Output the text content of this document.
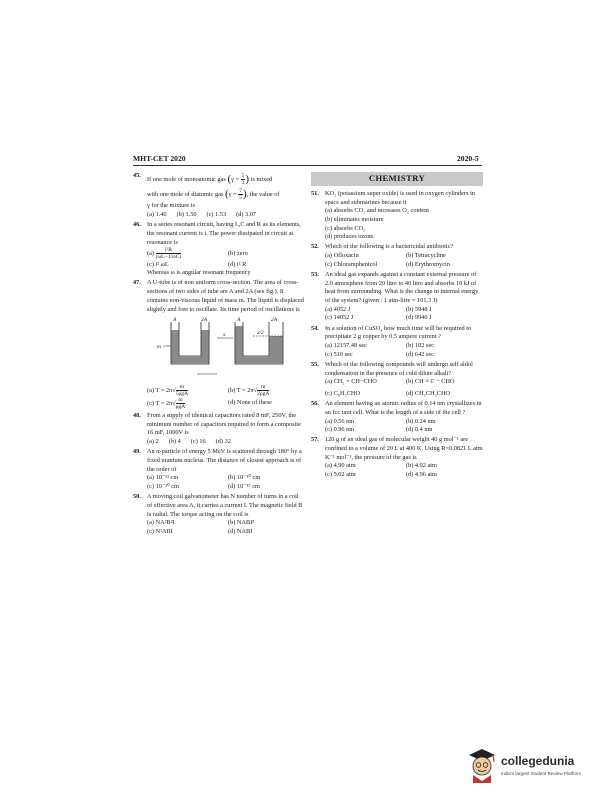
MHT-CET 2020	2020-5
45.
If one mole of monoatomic gas ($\gamma = \frac{5}{3}$ ) is mixed
with one mole of diatomic gas ($\gamma = \frac{7}{5}$ ), the value of
γ for the mixture is
(a) 1.40 (b) 1.50 (c) 1.53 (d) 3.07
46. In a series resonant circuit, having L,C and R as its elements, the resonant current is i. The power dissipated in circuit at resonance is
$(a) \frac{\text{i²R}}{(\omega L-1/\omega C)}$	(b) zero
(c) i² ωL	(d) i² R
Whereas ω is angular resonant frequency
47. A U-tube is of non uniform cross-section. The area of cross-sections of two sides of tube are A and 2A (see fig.). It contains non-viscous liquid of mass m. The liquid is displaced slightly and free to oscillate. Its time period of oscillations is
A	2A	A	2A
m
x	x/2
(a) $T = 2\pi√ \frac{m}{\text{5ρgA}}$	(b) $T = 2\pi√ \frac{m}{\text{2ρgA}}$
(c) $T = 2\pi√ \frac{m}{\text{ρgA}}$	(d) None of these
48. From a supply of identical capacitors rated 8 mF, 250V, the minimum number of capacitors required to form a composite 16 mF, 1000V is
(a) 2 (b) 4 (c) 16 (d) 32
49. An α-particle of energy 5 MeV is scattered through 180° by a fixed uranium nucleus. The distance of closest approach is of the order of
(a) 10⁻¹² cm	(b) 10⁻¹⁰ cm
(c) 10⁻²⁰ cm	(d) 10⁻¹⁵ cm
50. A moving coil galvanometer has N number of turns in a coil of effective area A, it carries a current I. The magnetic field B is radial. The torque acting on the coil is
(a) NA²B²I	(b) NABI²
(c) N²ABI	(d) NABI
CHEMISTRY
51. KO₂ (potassium super oxide) is used in oxygen cylinders in space and submarines because it
(a) absorbs CO₂ and increases O₂ content
(b) eliminates moisture
(c) absorbs CO₂
(d) produces ozone.
52. Which of the following is a bactericidal antibiotic?
(a) Ofloxacin	(b) Tetracycline
(c) Chloramphenicol	(d) Erythromycin
53. An ideal gas expands against a constant external pressure of 2.0 atmosphere from 20 litre to 40 litre and absorbs 10 kJ of heat from surrounding. What is the change in internal energy of the system? (given : 1 atm-litre = 101.3 J)
(a) 4052 J	(b) 5948 J
(c) 14052 J	(d) 9940 J
54. In a solution of CuSO₄ how much time will be required to precipitate 2 g copper by 0.5 ampere current ?
(a) 12157.48 sec	(b) 102 sec
(c) 510 sec	(d) 642 sec
55. Which of the following compounds will undergo self aldol condensation in the presence of cold dilute alkali?
(a) CH₂ = CH−CHO	(b) CH ≡ C − CHO
(c) C₆H₅CHO	(d) CH₃CH₂CHO
56. An element having an atomic radius of 0.14 nm crystallizes in an fcc unit cell. What is the length of a side of the cell ?
(a) 0.56 nm	(b) 0.24 nm
(c) 0.96 nm	(d) 0.4 nm
57. 120 g of an ideal gas of molecular weight 40 g mol⁻¹ are confined to a volume of 20 L at 400 K. Using R=0.0821 L atm K⁻¹ mol⁻¹, the pressure of the gas is
(a) 4.90 atm	(b) 4.92 atm
(c) 5.02 atm	(d) 4.96 atm
collegedunia
India's largest Student Review Platform
